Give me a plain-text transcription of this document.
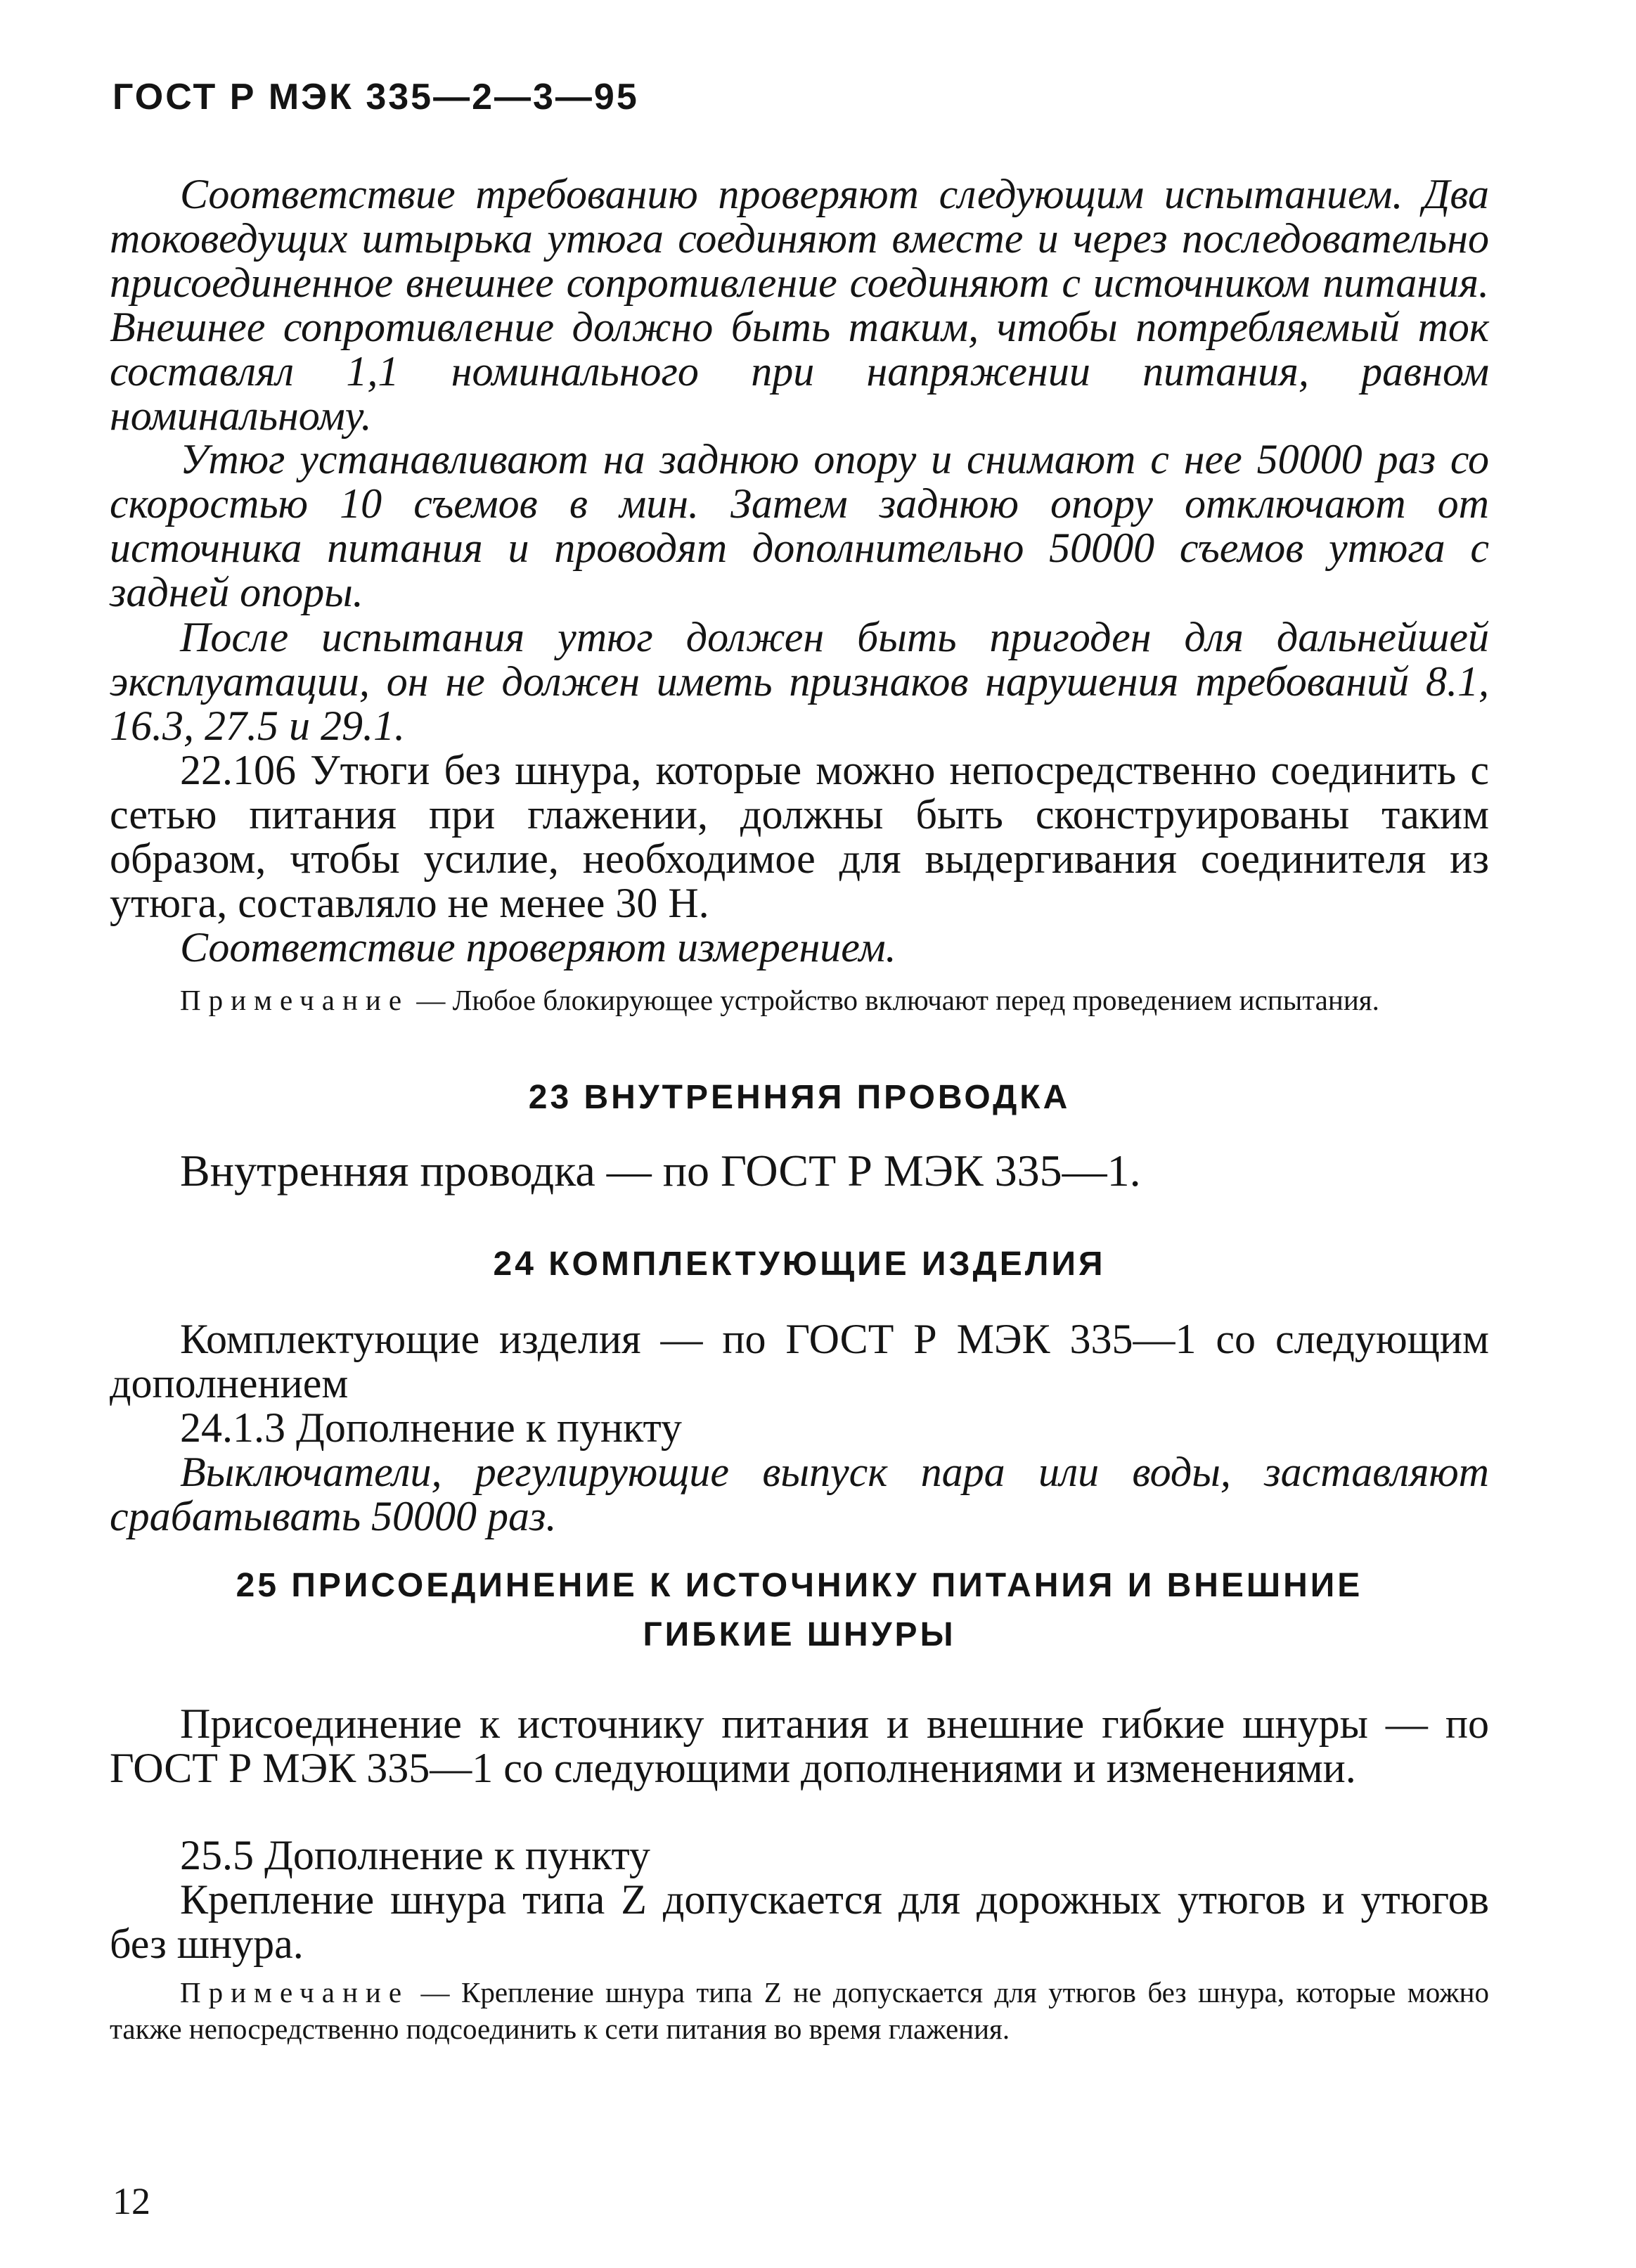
ГОСТ Р МЭК 335—2—3—95

Соответствие требованию проверяют следующим испытанием. Два токоведущих штырька утюга соединяют вместе и через последовательно присоединенное внешнее сопротивление соединяют с источником питания. Внешнее сопротивление должно быть таким, чтобы потребляемый ток составлял 1,1 номинального при напряжении питания, равном номинальному.

Утюг устанавливают на заднюю опору и снимают с нее 50000 раз со скоростью 10 съемов в мин. Затем заднюю опору отключают от источника питания и проводят дополнительно 50000 съемов утюга с задней опоры.

После испытания утюг должен быть пригоден для дальнейшей эксплуатации, он не должен иметь признаков нарушения требований 8.1, 16.3, 27.5 и 29.1.

22.106 Утюги без шнура, которые можно непосредственно соединить с сетью питания при глажении, должны быть сконструированы таким образом, чтобы усилие, необходимое для выдергивания соединителя из утюга, составляло не менее 30 Н.

Соответствие проверяют измерением.

Примечание — Любое блокирующее устройство включают перед проведением испытания.

23 ВНУТРЕННЯЯ ПРОВОДКА

Внутренняя проводка — по ГОСТ Р МЭК 335—1.

24 КОМПЛЕКТУЮЩИЕ ИЗДЕЛИЯ

Комплектующие изделия — по ГОСТ Р МЭК 335—1 со следующим дополнением

24.1.3 Дополнение к пункту

Выключатели, регулирующие выпуск пара или воды, заставляют срабатывать 50000 раз.

25 ПРИСОЕДИНЕНИЕ К ИСТОЧНИКУ ПИТАНИЯ И ВНЕШНИЕ

ГИБКИЕ ШНУРЫ

Присоединение к источнику питания и внешние гибкие шнуры — по ГОСТ Р МЭК 335—1 со следующими дополнениями и изменениями.

25.5 Дополнение к пункту

Крепление шнура типа Z допускается для дорожных утюгов и утюгов без шнура.

Примечание — Крепление шнура типа Z не допускается для утюгов без шнура, которые можно также непосредственно подсоединить к сети питания во время глажения.

12
